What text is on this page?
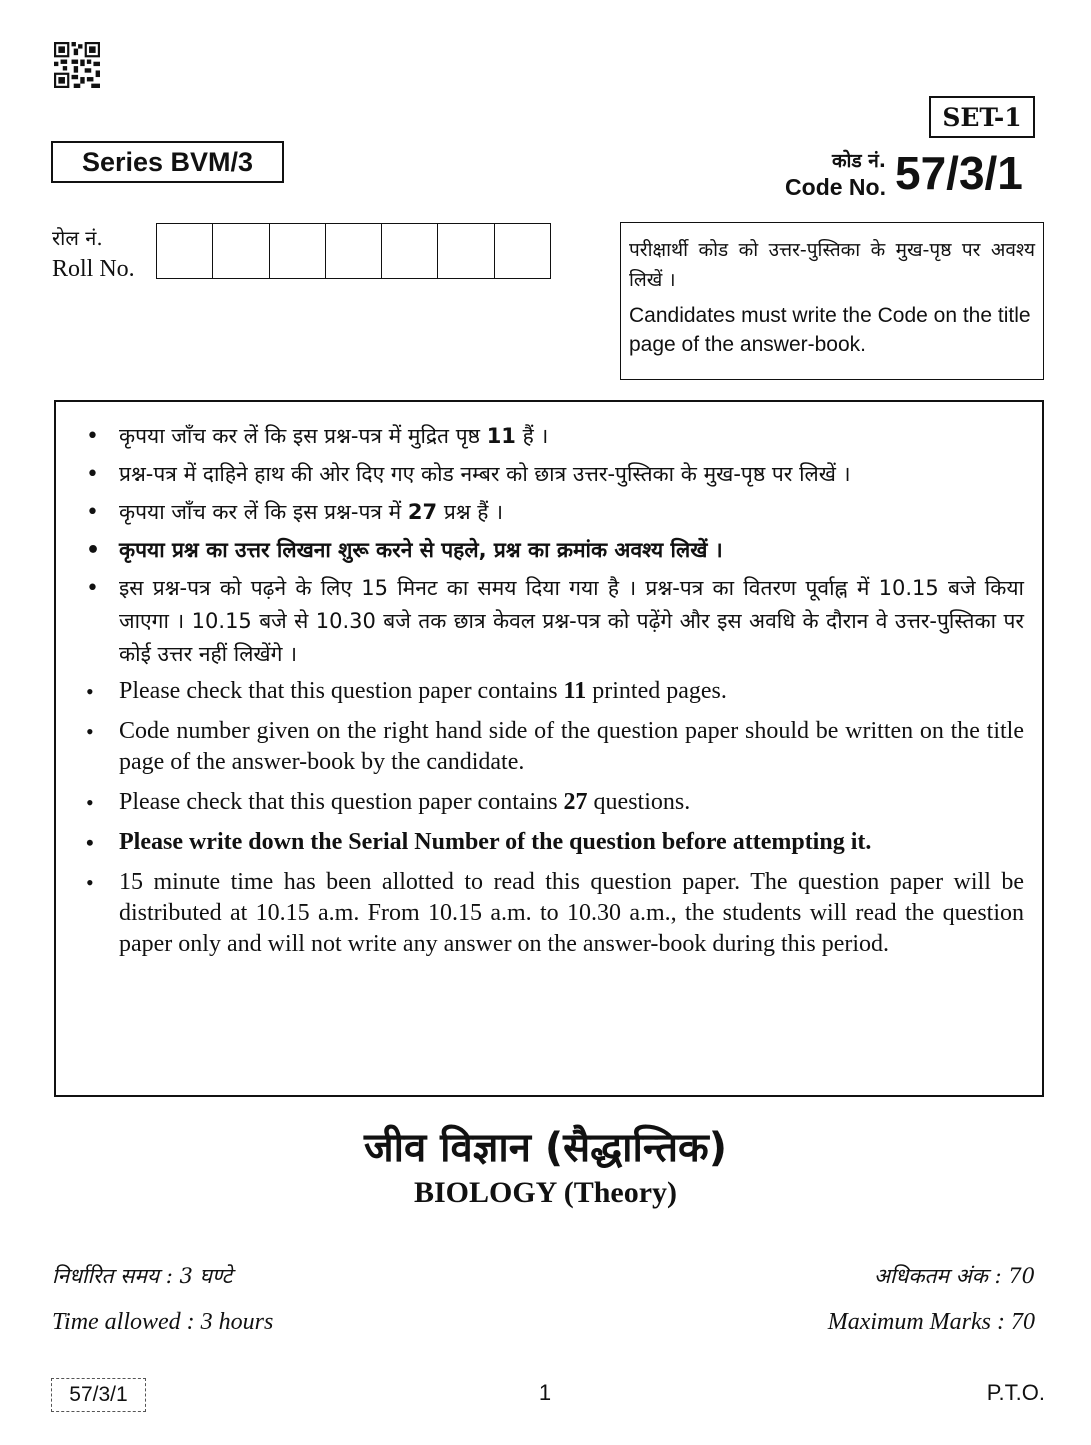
SET-1
Series BVM/3	कोड नं.
Code No. 57/3/1
रोल नं.
Roll No.
परीक्षार्थी कोड को उत्तर-पुस्तिका के मुख-पृष्ठ पर अवश्य लिखें ।
Candidates must write the Code on the title page of the answer-book.
• कृपया जाँच कर लें कि इस प्रश्न-पत्र में मुद्रित पृष्ठ 11 हैं ।
• प्रश्न-पत्र में दाहिने हाथ की ओर दिए गए कोड नम्बर को छात्र उत्तर-पुस्तिका के मुख-पृष्ठ पर लिखें ।
• कृपया जाँच कर लें कि इस प्रश्न-पत्र में 27 प्रश्न हैं ।
• कृपया प्रश्न का उत्तर लिखना शुरू करने से पहले, प्रश्न का क्रमांक अवश्य लिखें ।
• इस प्रश्न-पत्र को पढ़ने के लिए 15 मिनट का समय दिया गया है । प्रश्न-पत्र का वितरण पूर्वाह्न में 10.15 बजे किया जाएगा । 10.15 बजे से 10.30 बजे तक छात्र केवल प्रश्न-पत्र को पढ़ेंगे और इस अवधि के दौरान वे उत्तर-पुस्तिका पर कोई उत्तर नहीं लिखेंगे ।
• Please check that this question paper contains 11 printed pages.
• Code number given on the right hand side of the question paper should be written on the title page of the answer-book by the candidate.
• Please check that this question paper contains 27 questions.
• Please write down the Serial Number of the question before attempting it.
• 15 minute time has been allotted to read this question paper. The question paper will be distributed at 10.15 a.m. From 10.15 a.m. to 10.30 a.m., the students will read the question paper only and will not write any answer on the answer-book during this period.
जीव विज्ञान (सैद्धान्तिक)
BIOLOGY (Theory)
निर्धारित समय : 3 घण्टे
Time allowed : 3 hours
अधिकतम अंक : 70
Maximum Marks : 70
57/3/1	1	P.T.O.
